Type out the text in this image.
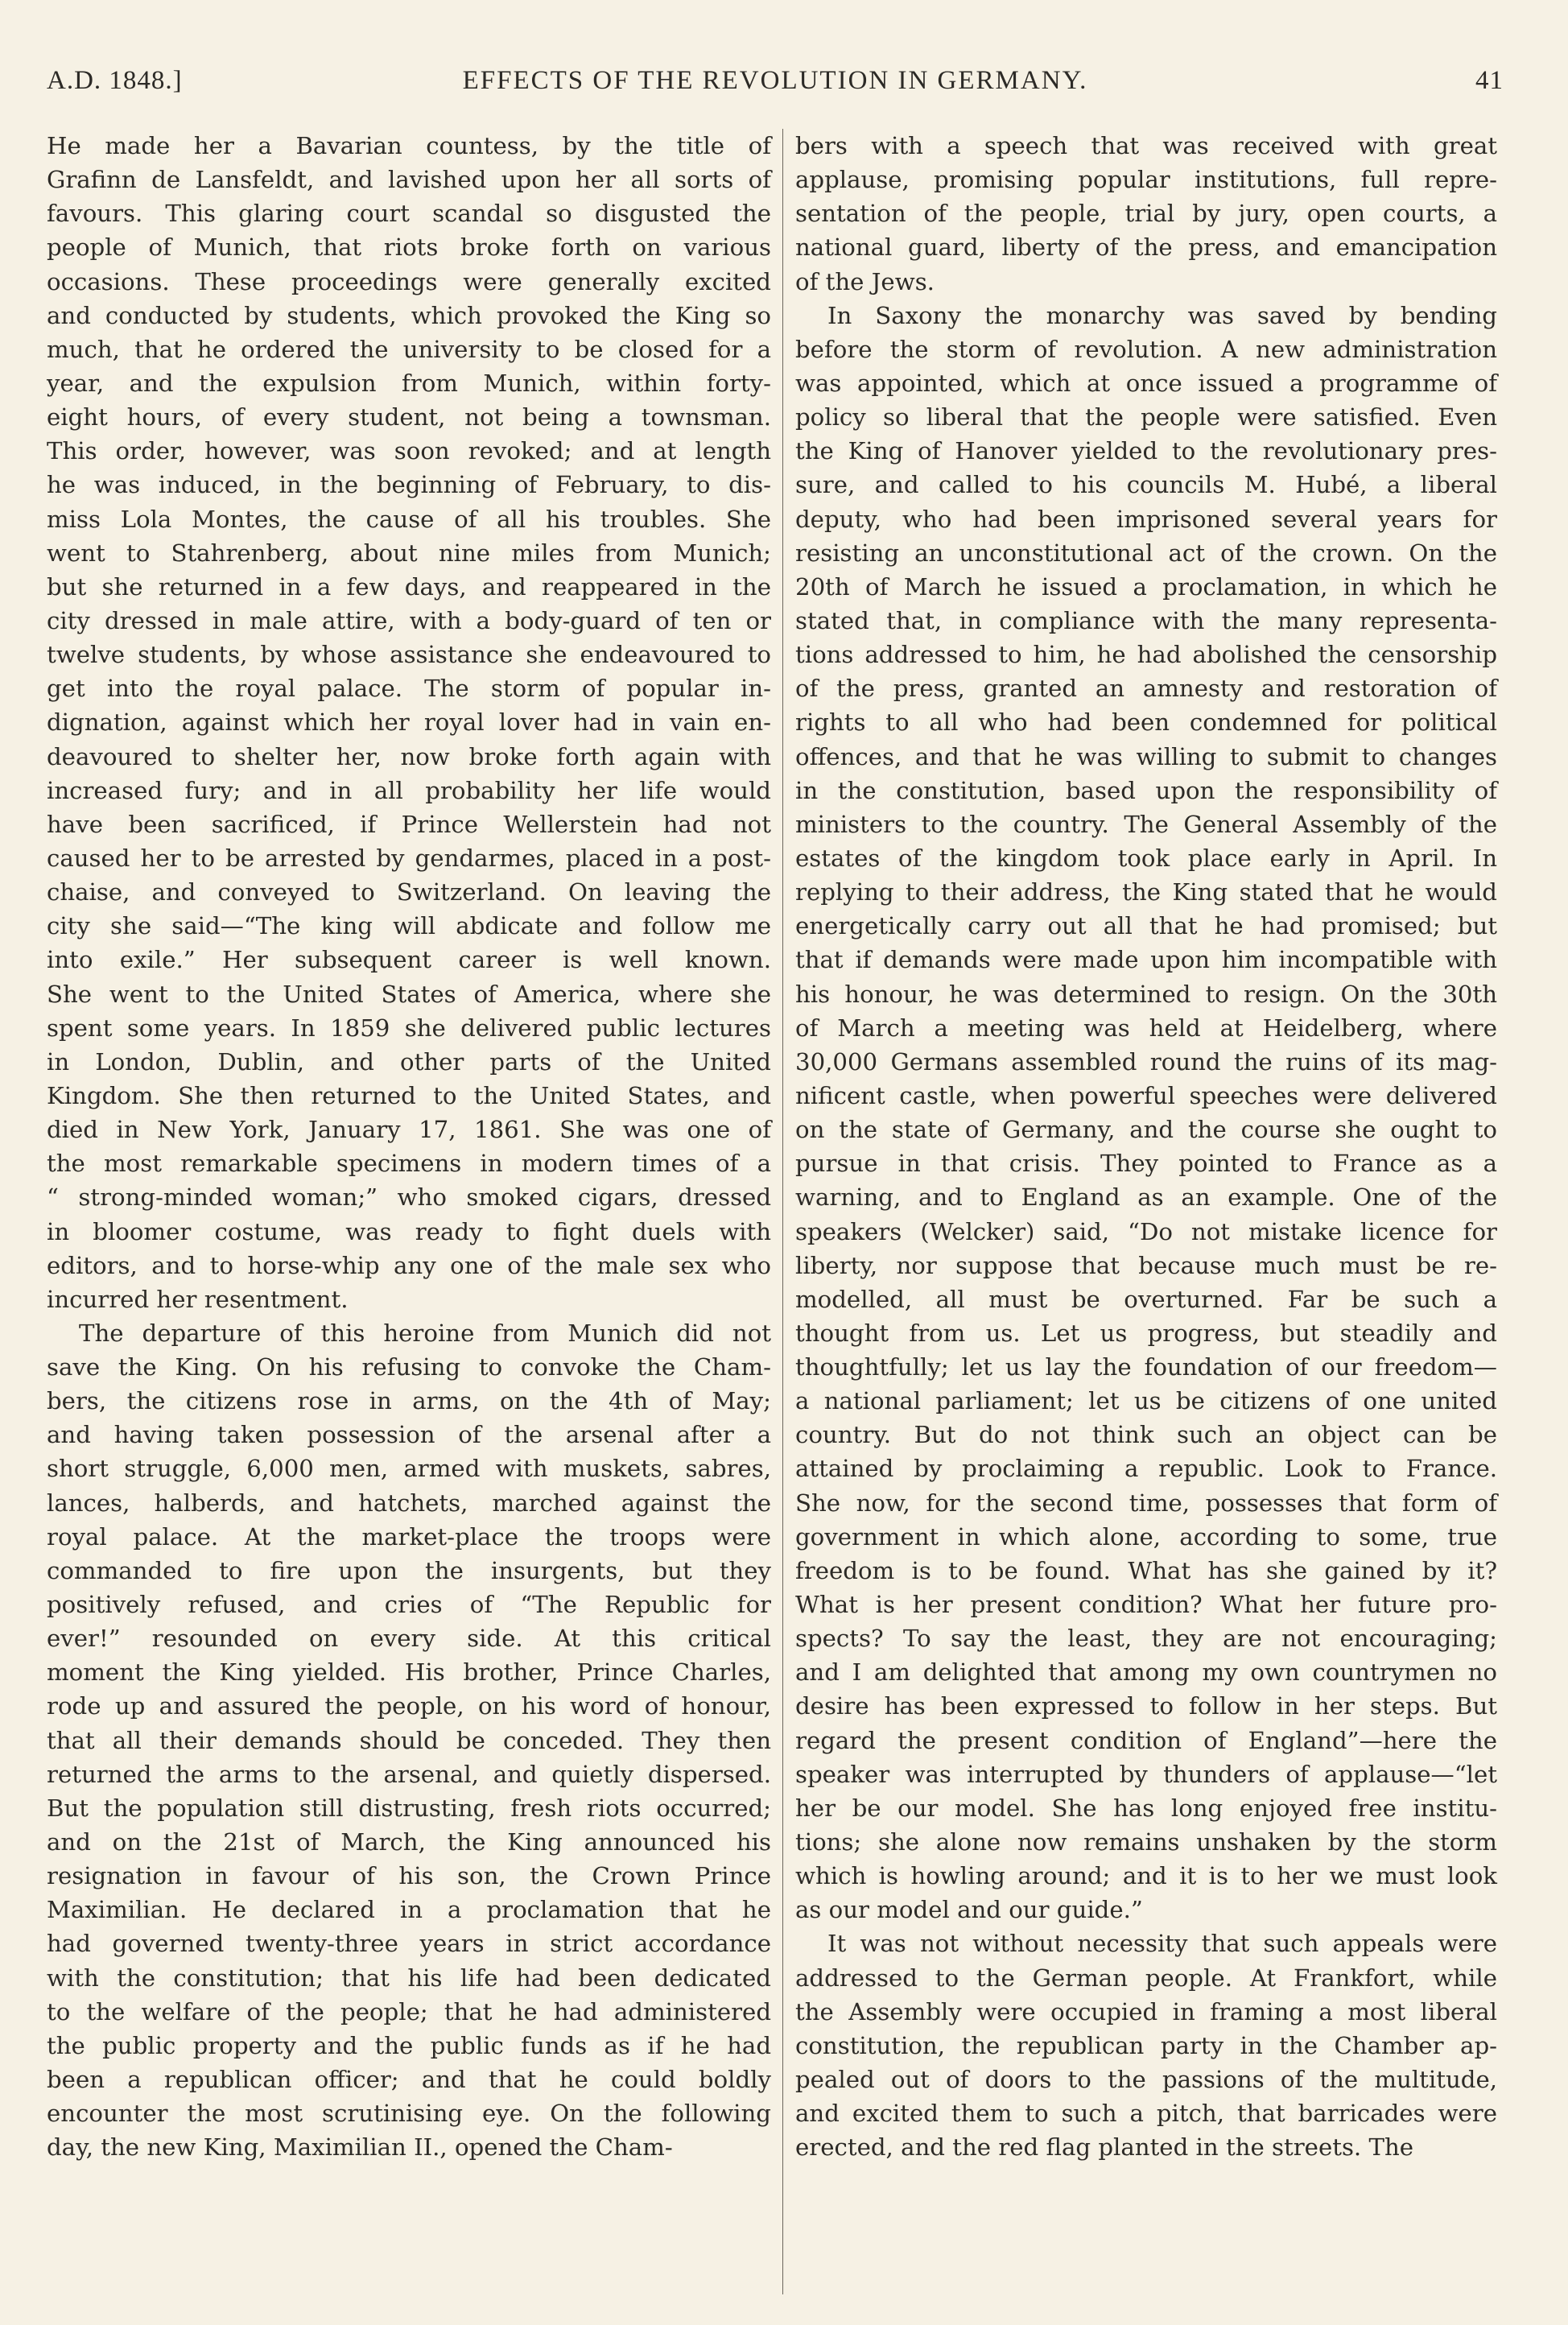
A.D. 1848.]	EFFECTS OF THE REVOLUTION IN GERMANY.	41
He made her a Bavarian countess, by the title of
Grafinn de Lansfeldt, and lavished upon her all sorts of
favours. This glaring court scandal so disgusted the
people of Munich, that riots broke forth on various
occasions. These proceedings were generally excited
and conducted by students, which provoked the King so
much, that he ordered the university to be closed for a
year, and the expulsion from Munich, within forty-
eight hours, of every student, not being a townsman.
This order, however, was soon revoked; and at length
he was induced, in the beginning of February, to dis-
miss Lola Montes, the cause of all his troubles. She
went to Stahrenberg, about nine miles from Munich;
but she returned in a few days, and reappeared in the
city dressed in male attire, with a body-guard of ten or
twelve students, by whose assistance she endeavoured to
get into the royal palace. The storm of popular in-
dignation, against which her royal lover had in vain en-
deavoured to shelter her, now broke forth again with
increased fury; and in all probability her life would
have been sacrificed, if Prince Wellerstein had not
caused her to be arrested by gendarmes, placed in a post-
chaise, and conveyed to Switzerland. On leaving the
city she said—“The king will abdicate and follow me
into exile.” Her subsequent career is well known.
She went to the United States of America, where she
spent some years. In 1859 she delivered public lectures
in London, Dublin, and other parts of the United
Kingdom. She then returned to the United States, and
died in New York, January 17, 1861. She was one of
the most remarkable specimens in modern times of a
“ strong-minded woman;” who smoked cigars, dressed
in bloomer costume, was ready to fight duels with
editors, and to horse-whip any one of the male sex who
incurred her resentment.
The departure of this heroine from Munich did not
save the King. On his refusing to convoke the Cham-
bers, the citizens rose in arms, on the 4th of May;
and having taken possession of the arsenal after a
short struggle, 6,000 men, armed with muskets, sabres,
lances, halberds, and hatchets, marched against the
royal palace. At the market-place the troops were
commanded to fire upon the insurgents, but they
positively refused, and cries of “The Republic for
ever!” resounded on every side. At this critical
moment the King yielded. His brother, Prince Charles,
rode up and assured the people, on his word of honour,
that all their demands should be conceded. They then
returned the arms to the arsenal, and quietly dispersed.
But the population still distrusting, fresh riots occurred;
and on the 21st of March, the King announced his
resignation in favour of his son, the Crown Prince
Maximilian. He declared in a proclamation that he
had governed twenty-three years in strict accordance
with the constitution; that his life had been dedicated
to the welfare of the people; that he had administered
the public property and the public funds as if he had
been a republican officer; and that he could boldly
encounter the most scrutinising eye. On the following
day, the new King, Maximilian II., opened the Cham-
bers with a speech that was received with great
applause, promising popular institutions, full repre-
sentation of the people, trial by jury, open courts, a
national guard, liberty of the press, and emancipation
of the Jews.
In Saxony the monarchy was saved by bending
before the storm of revolution. A new administration
was appointed, which at once issued a programme of
policy so liberal that the people were satisfied. Even
the King of Hanover yielded to the revolutionary pres-
sure, and called to his councils M. Hubé, a liberal
deputy, who had been imprisoned several years for
resisting an unconstitutional act of the crown. On the
20th of March he issued a proclamation, in which he
stated that, in compliance with the many representa-
tions addressed to him, he had abolished the censorship
of the press, granted an amnesty and restoration of
rights to all who had been condemned for political
offences, and that he was willing to submit to changes
in the constitution, based upon the responsibility of
ministers to the country. The General Assembly of the
estates of the kingdom took place early in April. In
replying to their address, the King stated that he would
energetically carry out all that he had promised; but
that if demands were made upon him incompatible with
his honour, he was determined to resign. On the 30th
of March a meeting was held at Heidelberg, where
30,000 Germans assembled round the ruins of its mag-
nificent castle, when powerful speeches were delivered
on the state of Germany, and the course she ought to
pursue in that crisis. They pointed to France as a
warning, and to England as an example. One of the
speakers (Welcker) said, “Do not mistake licence for
liberty, nor suppose that because much must be re-
modelled, all must be overturned. Far be such a
thought from us. Let us progress, but steadily and
thoughtfully; let us lay the foundation of our freedom—
a national parliament; let us be citizens of one united
country. But do not think such an object can be
attained by proclaiming a republic. Look to France.
She now, for the second time, possesses that form of
government in which alone, according to some, true
freedom is to be found. What has she gained by it?
What is her present condition? What her future pro-
spects? To say the least, they are not encouraging;
and I am delighted that among my own countrymen no
desire has been expressed to follow in her steps. But
regard the present condition of England”—here the
speaker was interrupted by thunders of applause—“let
her be our model. She has long enjoyed free institu-
tions; she alone now remains unshaken by the storm
which is howling around; and it is to her we must look
as our model and our guide.”
It was not without necessity that such appeals were
addressed to the German people. At Frankfort, while
the Assembly were occupied in framing a most liberal
constitution, the republican party in the Chamber ap-
pealed out of doors to the passions of the multitude,
and excited them to such a pitch, that barricades were
erected, and the red flag planted in the streets. The
